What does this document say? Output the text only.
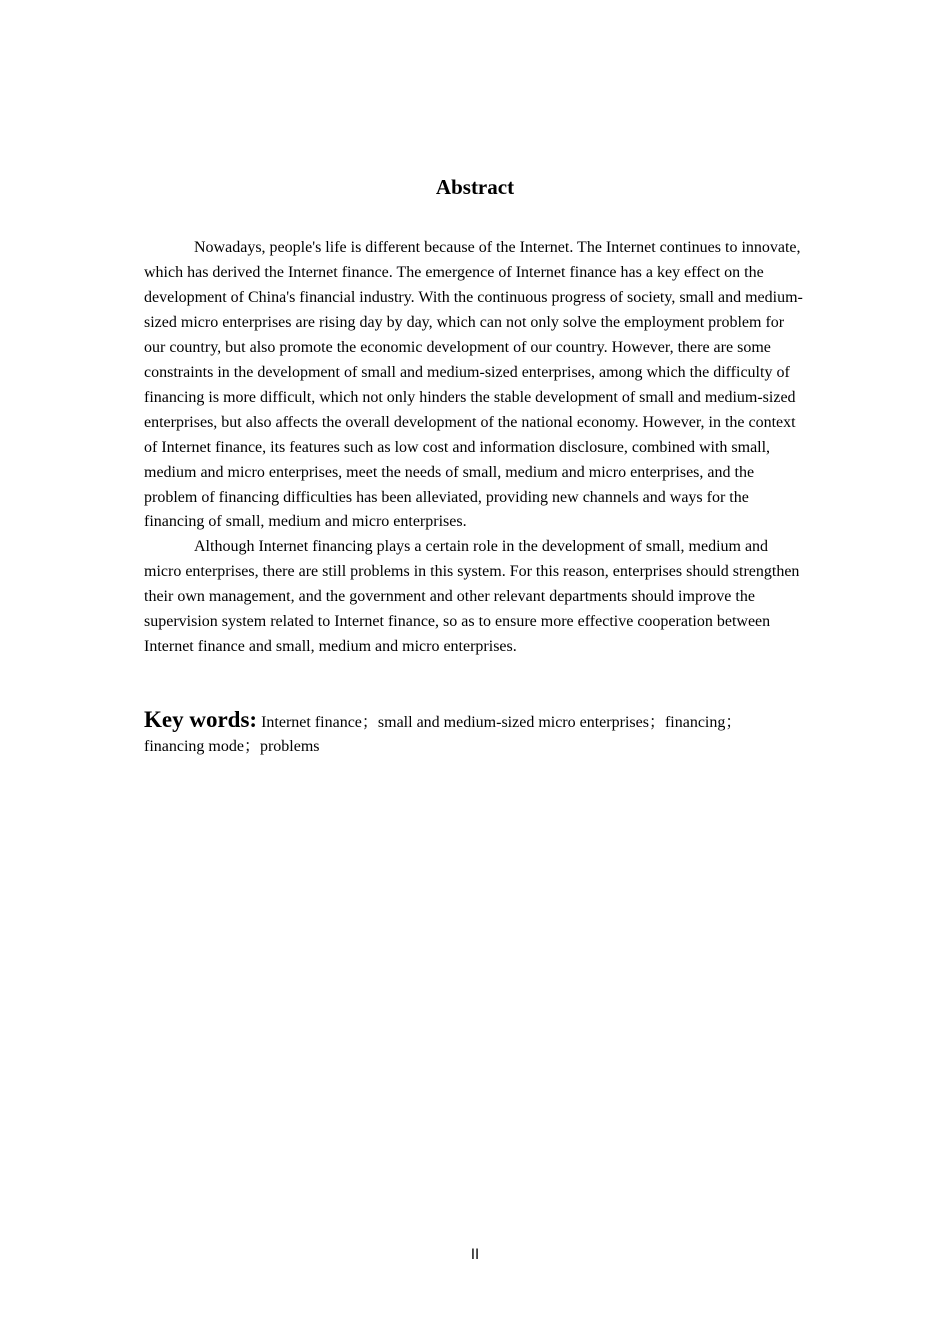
Abstract

Nowadays, people's life is different because of the Internet. The Internet continues to innovate, which has derived the Internet finance. The emergence of Internet finance has a key effect on the development of China's financial industry. With the continuous progress of society, small and medium-sized micro enterprises are rising day by day, which can not only solve the employment problem for our country, but also promote the economic development of our country. However, there are some constraints in the development of small and medium-sized enterprises, among which the difficulty of financing is more difficult, which not only hinders the stable development of small and medium-sized enterprises, but also affects the overall development of the national economy. However, in the context of Internet finance, its features such as low cost and information disclosure, combined with small, medium and micro enterprises, meet the needs of small, medium and micro enterprises, and the problem of financing difficulties has been alleviated, providing new channels and ways for the financing of small, medium and micro enterprises.

Although Internet financing plays a certain role in the development of small, medium and micro enterprises, there are still problems in this system. For this reason, enterprises should strengthen their own management, and the government and other relevant departments should improve the supervision system related to Internet finance, so as to ensure more effective cooperation between Internet finance and small, medium and micro enterprises.

Key words: Internet finance；small and medium-sized micro enterprises；financing；financing mode；problems

II
